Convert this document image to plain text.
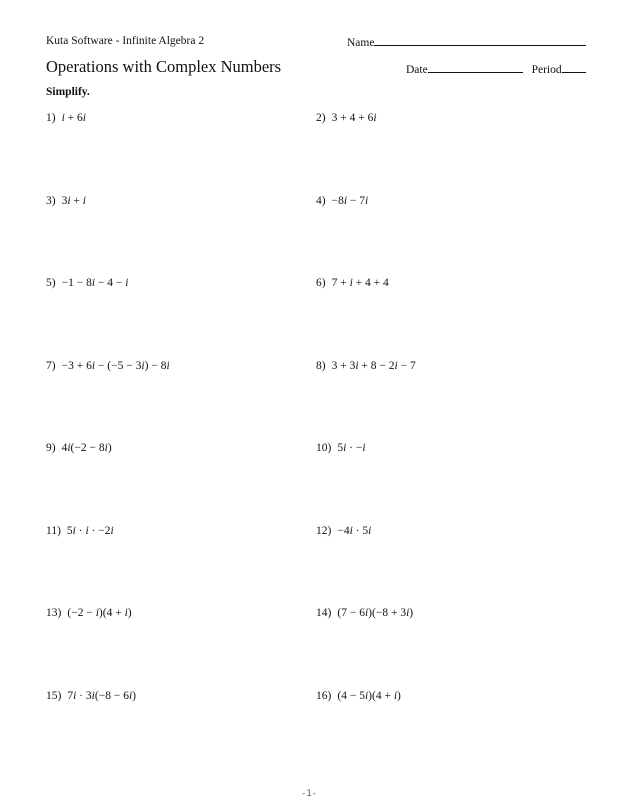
Kuta Software - Infinite Algebra 2	Name
Operations with Complex Numbers	Date	Period
Simplify.
1) i + 6i	2) 3 + 4 + 6i
3) 3i + i	4) −8i − 7i
5) −1 − 8i − 4 − i	6) 7 + i + 4 + 4
7) −3 + 6i − (−5 − 3i) − 8i	8) 3 + 3i + 8 − 2i − 7
9) 4i(−2 − 8i)	10) 5i · −i
11) 5i · i · −2i	12) −4i · 5i
13) (−2 − i)(4 + i)	14) (7 − 6i)(−8 + 3i)
15) 7i · 3i(−8 − 6i)	16) (4 − 5i)(4 + i)
-1-
